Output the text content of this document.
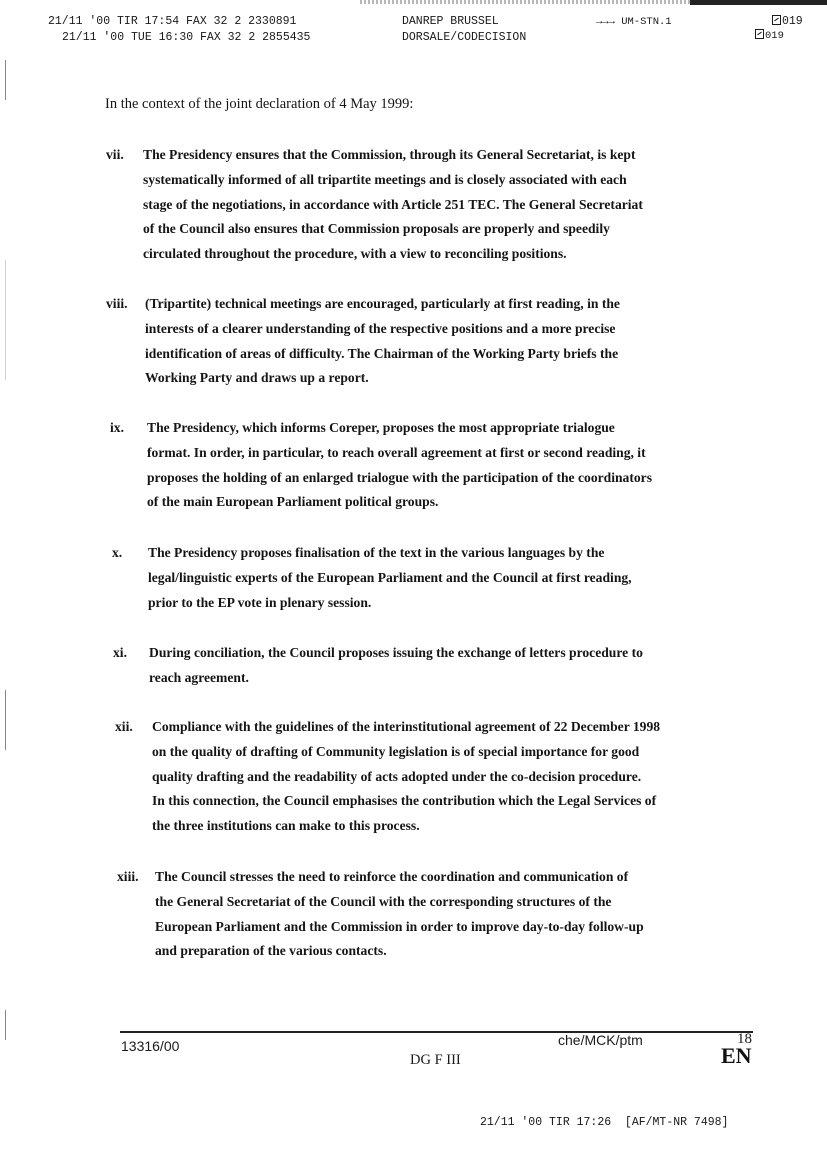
21/11 '00 TIR 17:54 FAX 32 2 2330891
21/11 '00 TUE 16:30 FAX 32 2 2855435
DANREP BRUSSEL
DORSALE/CODECISION
→→→ UM-STN.1	019
019
In the context of the joint declaration of 4 May 1999:
vii. The Presidency ensures that the Commission, through its General Secretariat, is kept
systematically informed of all tripartite meetings and is closely associated with each
stage of the negotiations, in accordance with Article 251 TEC. The General Secretariat
of the Council also ensures that Commission proposals are properly and speedily
circulated throughout the procedure, with a view to reconciling positions.
viii. (Tripartite) technical meetings are encouraged, particularly at first reading, in the
interests of a clearer understanding of the respective positions and a more precise
identification of areas of difficulty. The Chairman of the Working Party briefs the
Working Party and draws up a report.
ix. The Presidency, which informs Coreper, proposes the most appropriate trialogue
format. In order, in particular, to reach overall agreement at first or second reading, it
proposes the holding of an enlarged trialogue with the participation of the coordinators
of the main European Parliament political groups.
x. The Presidency proposes finalisation of the text in the various languages by the
legal/linguistic experts of the European Parliament and the Council at first reading,
prior to the EP vote in plenary session.
xi. During conciliation, the Council proposes issuing the exchange of letters procedure to
reach agreement.
xii. Compliance with the guidelines of the interinstitutional agreement of 22 December 1998
on the quality of drafting of Community legislation is of special importance for good
quality drafting and the readability of acts adopted under the co-decision procedure.
In this connection, the Council emphasises the contribution which the Legal Services of
the three institutions can make to this process.
xiii. The Council stresses the need to reinforce the coordination and communication of
the General Secretariat of the Council with the corresponding structures of the
European Parliament and the Commission in order to improve day-to-day follow-up
and preparation of the various contacts.
13316/00	che/MCK/ptm	18
DG F III	EN
21/11 '00 TIR 17:26  [AF/MT-NR 7498]
